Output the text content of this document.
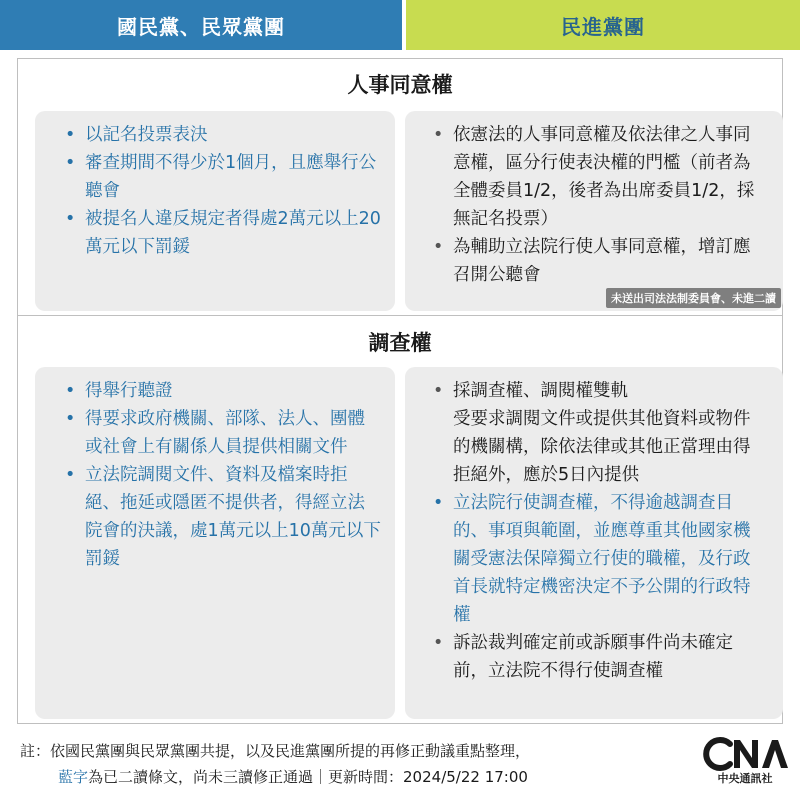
國民黨、民眾黨團	民進黨團
人事同意權
• 以記名投票表決
• 審查期間不得少於1個月，且應舉行公聽會
• 被提名人違反規定者得處2萬元以上20萬元以下罰鍰
• 依憲法的人事同意權及依法律之人事同意權，區分行使表決權的門檻（前者為全體委員1/2，後者為出席委員1/2，採無記名投票）
• 為輔助立法院行使人事同意權，增訂應召開公聽會
未送出司法法制委員會、未進二讀
調查權
• 得舉行聽證
• 得要求政府機關、部隊、法人、團體或社會上有關係人員提供相關文件
• 立法院調閱文件、資料及檔案時拒絕、拖延或隱匿不提供者，得經立法院會的決議，處1萬元以上10萬元以下罰鍰
• 採調查權、調閱權雙軌
受要求調閱文件或提供其他資料或物件的機關構，除依法律或其他正當理由得拒絕外，應於5日內提供
• 立法院行使調查權，不得逾越調查目的、事項與範圍，並應尊重其他國家機關受憲法保障獨立行使的職權，及行政首長就特定機密決定不予公開的行政特權
• 訴訟裁判確定前或訴願事件尚未確定前，立法院不得行使調查權
註：依國民黨團與民眾黨團共提，以及民進黨團所提的再修正動議重點整理，
藍字為已二讀條文，尚未三讀修正通過｜更新時間：2024/5/22 17:00	中央通訊社
